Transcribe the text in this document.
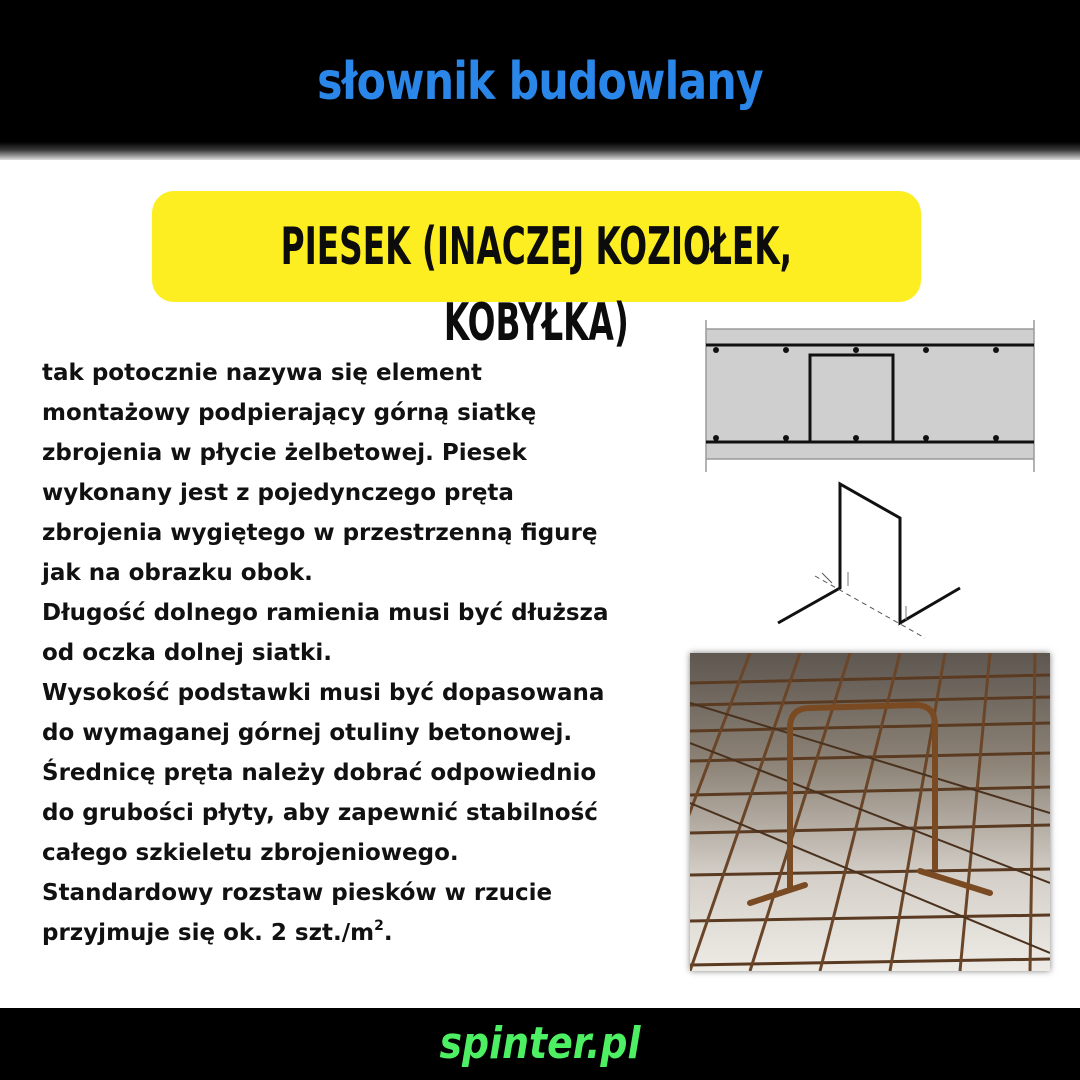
słownik budowlany
PIESEK (INACZEJ KOZIOŁEK, KOBYŁKA)
tak potocznie nazywa się element
montażowy podpierający górną siatkę
zbrojenia w płycie żelbetowej. Piesek
wykonany jest z pojedynczego pręta
zbrojenia wygiętego w przestrzenną figurę
jak na obrazku obok.
Długość dolnego ramienia musi być dłuższa
od oczka dolnej siatki.
Wysokość podstawki musi być dopasowana
do wymaganej górnej otuliny betonowej.
Średnicę pręta należy dobrać odpowiednio
do grubości płyty, aby zapewnić stabilność
całego szkieletu zbrojeniowego.
Standardowy rozstaw piesków w rzucie
przyjmuje się ok. 2 $szt./m^2$.
spinter.pl
